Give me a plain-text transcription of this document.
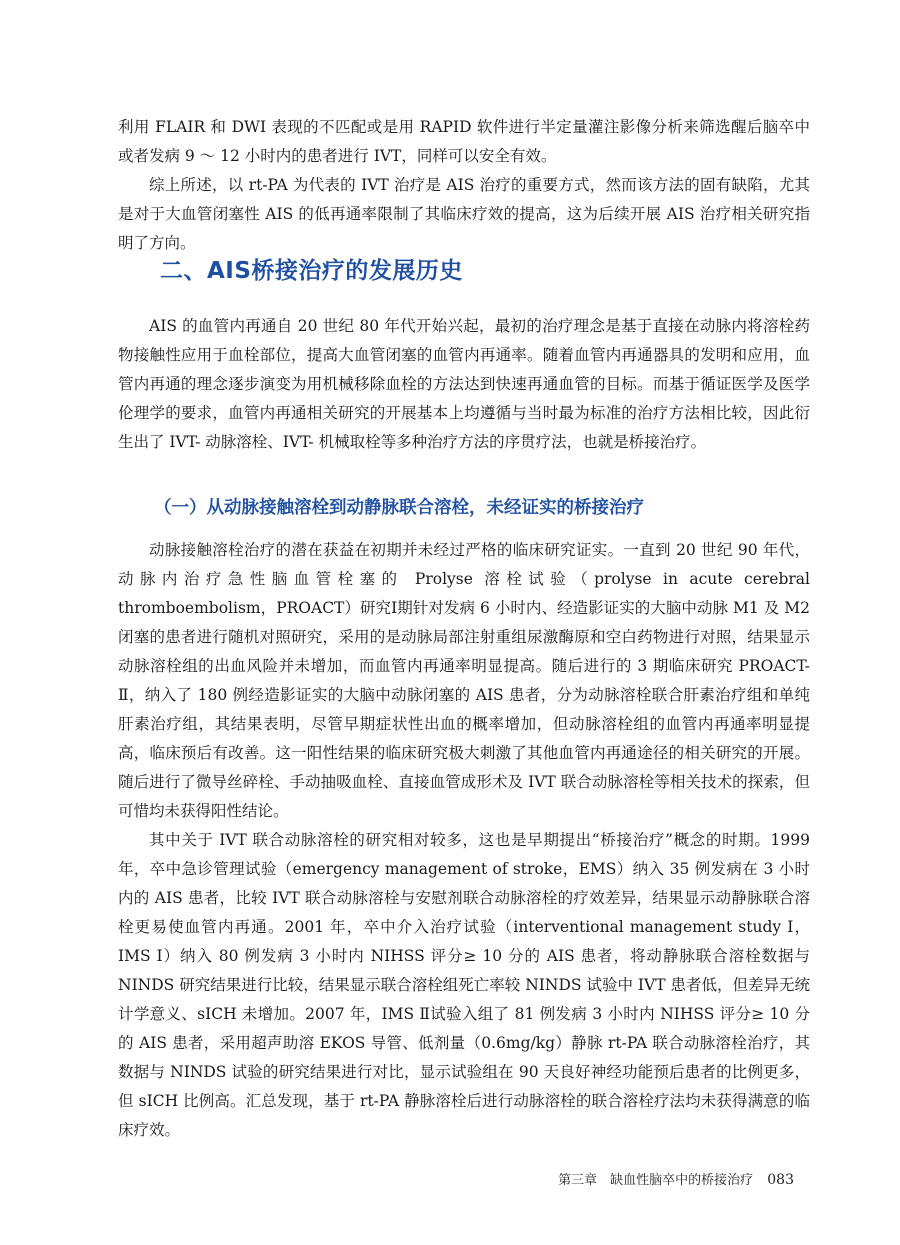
利用 FLAIR 和 DWI 表现的不匹配或是用 RAPID 软件进行半定量灌注影像分析来筛选醒后脑卒中或者发病 9 ～ 12 小时内的患者进行 IVT，同样可以安全有效。

综上所述，以 rt-PA 为代表的 IVT 治疗是 AIS 治疗的重要方式，然而该方法的固有缺陷，尤其是对于大血管闭塞性 AIS 的低再通率限制了其临床疗效的提高，这为后续开展 AIS 治疗相关研究指明了方向。

二、AIS桥接治疗的发展历史

AIS 的血管内再通自 20 世纪 80 年代开始兴起，最初的治疗理念是基于直接在动脉内将溶栓药物接触性应用于血栓部位，提高大血管闭塞的血管内再通率。随着血管内再通器具的发明和应用，血管内再通的理念逐步演变为用机械移除血栓的方法达到快速再通血管的目标。而基于循证医学及医学伦理学的要求，血管内再通相关研究的开展基本上均遵循与当时最为标准的治疗方法相比较，因此衍生出了 IVT- 动脉溶栓、IVT- 机械取栓等多种治疗方法的序贯疗法，也就是桥接治疗。

（一）从动脉接触溶栓到动静脉联合溶栓，未经证实的桥接治疗

动脉接触溶栓治疗的潜在获益在初期并未经过严格的临床研究证实。一直到 20 世纪 90 年代，动脉内治疗急性脑血管栓塞的 Prolyse 溶栓试验（prolyse in acute cerebral thromboembolism，PROACT）研究Ⅰ期针对发病 6 小时内、经造影证实的大脑中动脉 M1 及 M2 闭塞的患者进行随机对照研究，采用的是动脉局部注射重组尿激酶原和空白药物进行对照，结果显示动脉溶栓组的出血风险并未增加，而血管内再通率明显提高。随后进行的 3 期临床研究 PROACT-Ⅱ，纳入了 180 例经造影证实的大脑中动脉闭塞的 AIS 患者，分为动脉溶栓联合肝素治疗组和单纯肝素治疗组，其结果表明，尽管早期症状性出血的概率增加，但动脉溶栓组的血管内再通率明显提高，临床预后有改善。这一阳性结果的临床研究极大刺激了其他血管内再通途径的相关研究的开展。随后进行了微导丝碎栓、手动抽吸血栓、直接血管成形术及 IVT 联合动脉溶栓等相关技术的探索，但可惜均未获得阳性结论。

其中关于 IVT 联合动脉溶栓的研究相对较多，这也是早期提出“桥接治疗”概念的时期。1999 年，卒中急诊管理试验（emergency management of stroke，EMS）纳入 35 例发病在 3 小时内的 AIS 患者，比较 IVT 联合动脉溶栓与安慰剂联合动脉溶栓的疗效差异，结果显示动静脉联合溶栓更易使血管内再通。2001 年，卒中介入治疗试验（interventional management study Ⅰ，IMS Ⅰ）纳入 80 例发病 3 小时内 NIHSS 评分≥ 10 分的 AIS 患者，将动静脉联合溶栓数据与 NINDS 研究结果进行比较，结果显示联合溶栓组死亡率较 NINDS 试验中 IVT 患者低，但差异无统计学意义、sICH 未增加。2007 年，IMS Ⅱ试验入组了 81 例发病 3 小时内 NIHSS 评分≥ 10 分的 AIS 患者，采用超声助溶 EKOS 导管、低剂量（0.6mg/kg）静脉 rt-PA 联合动脉溶栓治疗，其数据与 NINDS 试验的研究结果进行对比，显示试验组在 90 天良好神经功能预后患者的比例更多，但 sICH 比例高。汇总发现，基于 rt-PA 静脉溶栓后进行动脉溶栓的联合溶栓疗法均未获得满意的临床疗效。

第三章　缺血性脑卒中的桥接治疗 083
